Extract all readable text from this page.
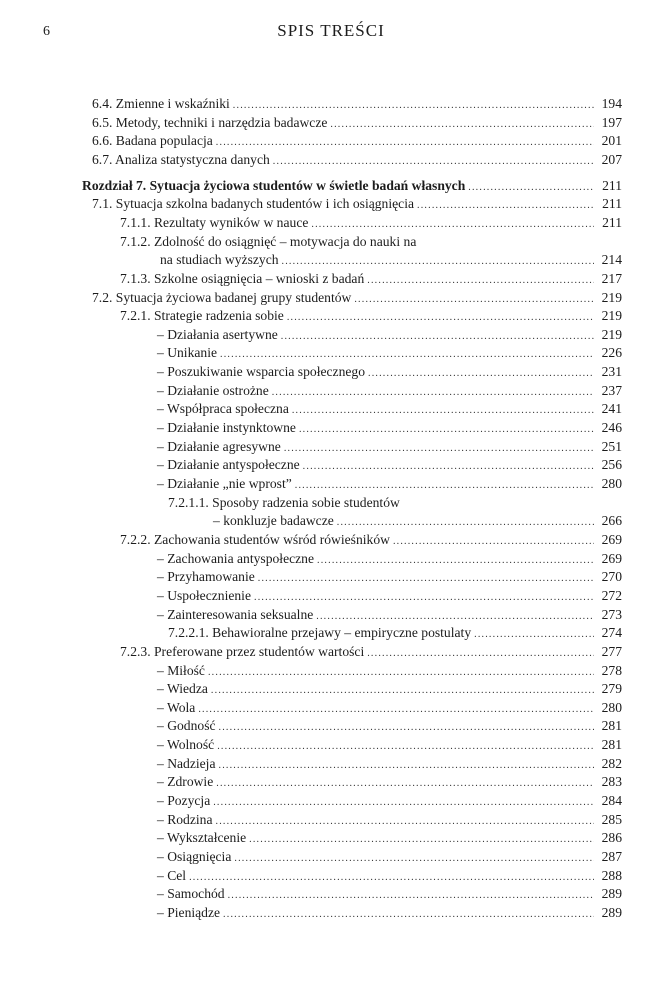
6	SPIS TREŚCI
6.4. Zmienne i wskaźniki .....	194
6.5. Metody, techniki i narzędzia badawcze .....	197
6.6. Badana populacja .....	201
6.7. Analiza statystyczna danych .....	207
Rozdział 7. Sytuacja życiowa studentów w świetle badań własnych .....	211
7.1. Sytuacja szkolna badanych studentów i ich osiągnięcia .....	211
7.1.1. Rezultaty wyników w nauce .....	211
7.1.2. Zdolność do osiągnięć – motywacja do nauki na
na studiach wyższych .....	214
7.1.3. Szkolne osiągnięcia – wnioski z badań .....	217
7.2. Sytuacja życiowa badanej grupy studentów .....	219
7.2.1. Strategie radzenia sobie .....	219
– Działania asertywne .....	219
– Unikanie .....	226
– Poszukiwanie wsparcia społecznego .....	231
– Działanie ostrożne .....	237
– Współpraca społeczna .....	241
– Działanie instynktowne .....	246
– Działanie agresywne .....	251
– Działanie antyspołeczne .....	256
– Działanie „nie wprost” .....	280
7.2.1.1. Sposoby radzenia sobie studentów
– konkluzje badawcze .....	266
7.2.2. Zachowania studentów wśród rówieśników .....	269
– Zachowania antyspołeczne .....	269
– Przyhamowanie .....	270
– Uspołecznienie .....	272
– Zainteresowania seksualne .....	273
7.2.2.1. Behawioralne przejawy – empiryczne postulaty .....	274
7.2.3. Preferowane przez studentów wartości .....	277
– Miłość .....	278
– Wiedza .....	279
– Wola .....	280
– Godność .....	281
– Wolność .....	281
– Nadzieja .....	282
– Zdrowie .....	283
– Pozycja .....	284
– Rodzina .....	285
– Wykształcenie .....	286
– Osiągnięcia .....	287
– Cel .....	288
– Samochód .....	289
– Pieniądze .....	289
